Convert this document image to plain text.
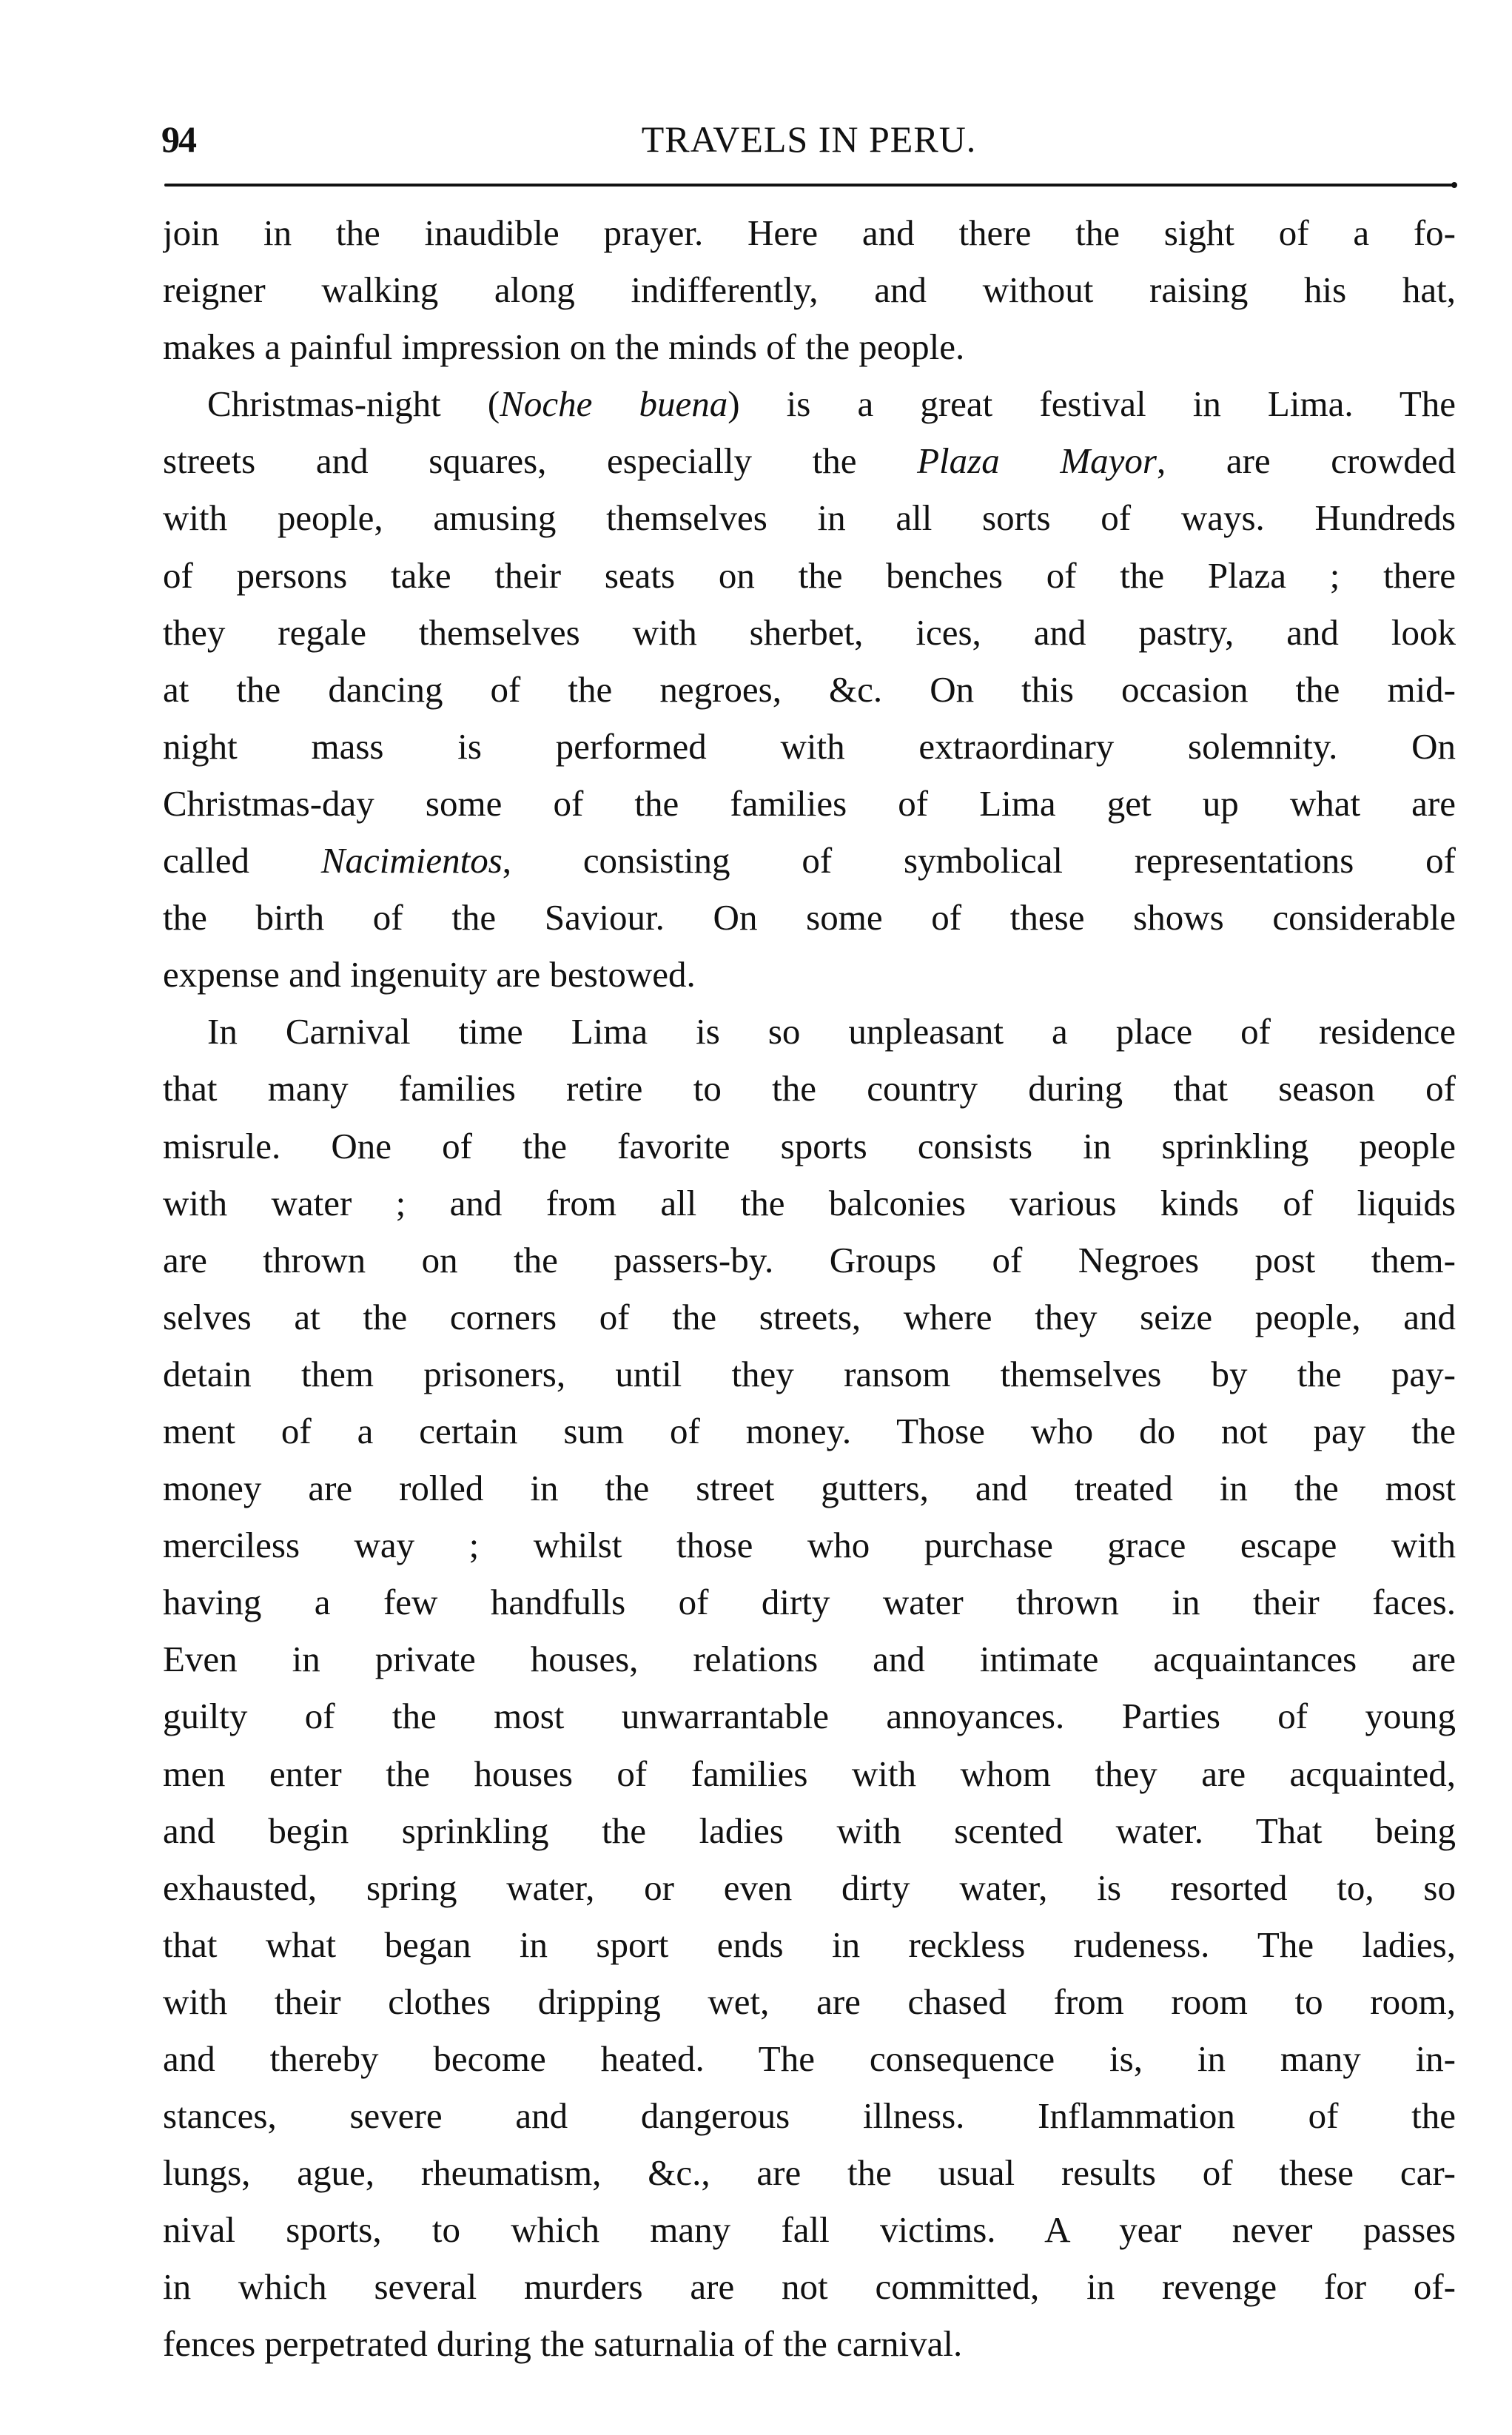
94	TRAVELS IN PERU.
join in the inaudible prayer. Here and there the sight of a fo-
reigner walking along indifferently, and without raising his hat,
makes a painful impression on the minds of the people.
Christmas-night (Noche buena) is a great festival in Lima. The
streets and squares, especially the Plaza Mayor, are crowded
with people, amusing themselves in all sorts of ways. Hundreds
of persons take their seats on the benches of the Plaza ; there
they regale themselves with sherbet, ices, and pastry, and look
at the dancing of the negroes, &c. On this occasion the mid-
night mass is performed with extraordinary solemnity. On
Christmas-day some of the families of Lima get up what are
called Nacimientos, consisting of symbolical representations of
the birth of the Saviour. On some of these shows considerable
expense and ingenuity are bestowed.
In Carnival time Lima is so unpleasant a place of residence
that many families retire to the country during that season of
misrule. One of the favorite sports consists in sprinkling people
with water ; and from all the balconies various kinds of liquids
are thrown on the passers-by. Groups of Negroes post them-
selves at the corners of the streets, where they seize people, and
detain them prisoners, until they ransom themselves by the pay-
ment of a certain sum of money. Those who do not pay the
money are rolled in the street gutters, and treated in the most
merciless way ; whilst those who purchase grace escape with
having a few handfulls of dirty water thrown in their faces.
Even in private houses, relations and intimate acquaintances are
guilty of the most unwarrantable annoyances. Parties of young
men enter the houses of families with whom they are acquainted,
and begin sprinkling the ladies with scented water. That being
exhausted, spring water, or even dirty water, is resorted to, so
that what began in sport ends in reckless rudeness. The ladies,
with their clothes dripping wet, are chased from room to room,
and thereby become heated. The consequence is, in many in-
stances, severe and dangerous illness. Inflammation of the
lungs, ague, rheumatism, &c., are the usual results of these car-
nival sports, to which many fall victims. A year never passes
in which several murders are not committed, in revenge for of-
fences perpetrated during the saturnalia of the carnival.
